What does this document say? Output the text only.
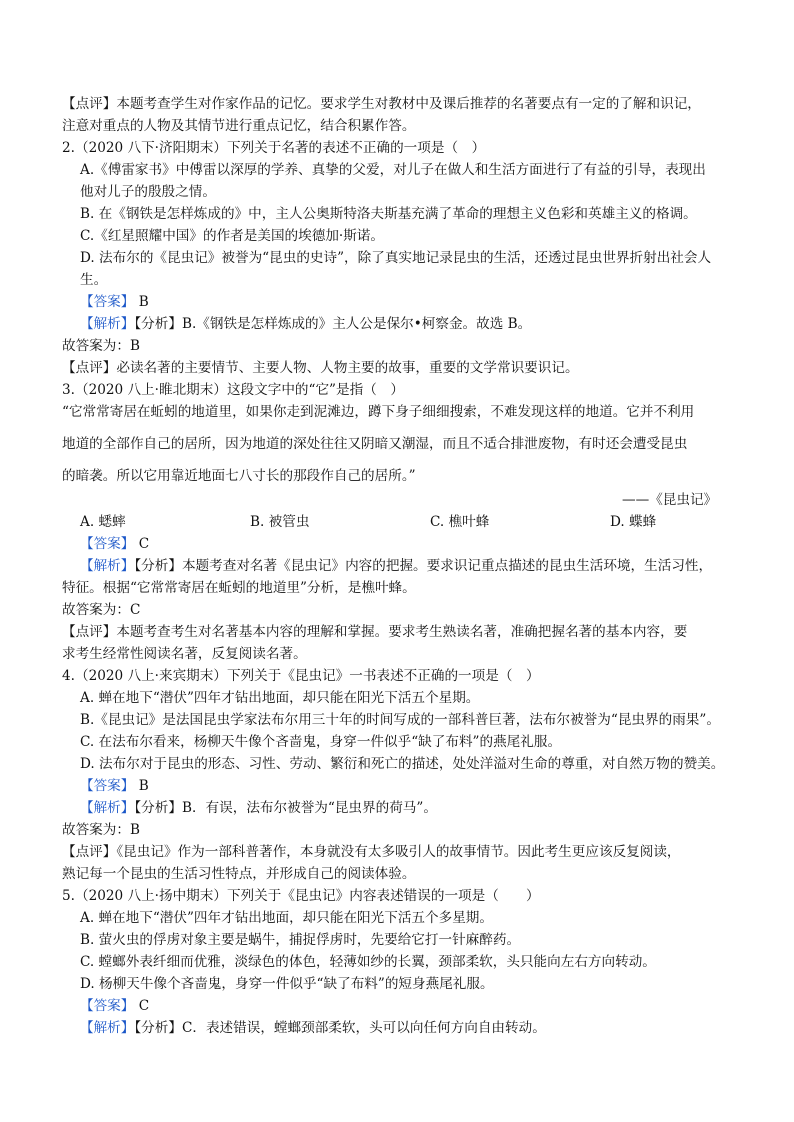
【点评】本题考查学生对作家作品的记忆。要求学生对教材中及课后推荐的名著要点有一定的了解和识记，
注意对重点的人物及其情节进行重点记忆，结合积累作答。
2.（2020 八下·济阳期末）下列关于名著的表述不正确的一项是（　）
A.《傅雷家书》中傅雷以深厚的学养、真挚的父爱，对儿子在做人和生活方面进行了有益的引导，表现出
他对儿子的殷殷之情。
B. 在《钢铁是怎样炼成的》中，主人公奥斯特洛夫斯基充满了革命的理想主义色彩和英雄主义的格调。
C.《红星照耀中国》的作者是美国的埃德加·斯诺。
D. 法布尔的《昆虫记》被誉为“昆虫的史诗”，除了真实地记录昆虫的生活，还透过昆虫世界折射出社会人
生。
【答案】 B
【解析】【分析】B.《钢铁是怎样炼成的》主人公是保尔•柯察金。故选 B。
故答案为：B
【点评】必读名著的主要情节、主要人物、人物主要的故事，重要的文学常识要识记。
3.（2020 八上·睢北期末）这段文字中的“它”是指（　）
“它常常寄居在蚯蚓的地道里，如果你走到泥滩边，蹲下身子细细搜索，不难发现这样的地道。它并不利用
地道的全部作自己的居所，因为地道的深处往往又阴暗又潮湿，而且不适合排泄废物，有时还会遭受昆虫
的暗袭。所以它用靠近地面七八寸长的那段作自己的居所。”
——《昆虫记》
A. 蟋蟀	B. 被管虫	C. 樵叶蜂	D. 蝶蜂
【答案】 C
【解析】【分析】本题考查对名著《昆虫记》内容的把握。要求识记重点描述的昆虫生活环境，生活习性，
特征。根据“它常常寄居在蚯蚓的地道里”分析，是樵叶蜂。
故答案为：C
【点评】本题考查考生对名著基本内容的理解和掌握。要求考生熟读名著，准确把握名著的基本内容，要
求考生经常性阅读名著，反复阅读名著。
4.（2020 八上·来宾期末）下列关于《昆虫记》一书表述不正确的一项是（　）
A. 蝉在地下“潜伏”四年才钻出地面，却只能在阳光下活五个星期。
B.《昆虫记》是法国昆虫学家法布尔用三十年的时间写成的一部科普巨著，法布尔被誉为“昆虫界的雨果”。
C. 在法布尔看来，杨柳天牛像个吝啬鬼，身穿一件似乎“缺了布料”的燕尾礼服。
D. 法布尔对于昆虫的形态、习性、劳动、繁衍和死亡的描述，处处洋溢对生命的尊重，对自然万物的赞美。
【答案】 B
【解析】【分析】B．有误，法布尔被誉为“昆虫界的荷马”。
故答案为：B
【点评】《昆虫记》作为一部科普著作，本身就没有太多吸引人的故事情节。因此考生更应该反复阅读，
熟记每一个昆虫的生活习性特点，并形成自己的阅读体验。
5.（2020 八上·扬中期末）下列关于《昆虫记》内容表述错误的一项是（　　）
A. 蝉在地下“潜伏”四年才钻出地面，却只能在阳光下活五个多星期。
B. 萤火虫的俘虏对象主要是蜗牛，捕捉俘虏时，先要给它打一针麻醉药。
C. 螳螂外表纤细而优雅，淡绿色的体色，轻薄如纱的长翼，颈部柔软，头只能向左右方向转动。
D. 杨柳天牛像个吝啬鬼，身穿一件似乎“缺了布料”的短身燕尾礼服。
【答案】 C
【解析】【分析】C．表述错误，螳螂颈部柔软，头可以向任何方向自由转动。
